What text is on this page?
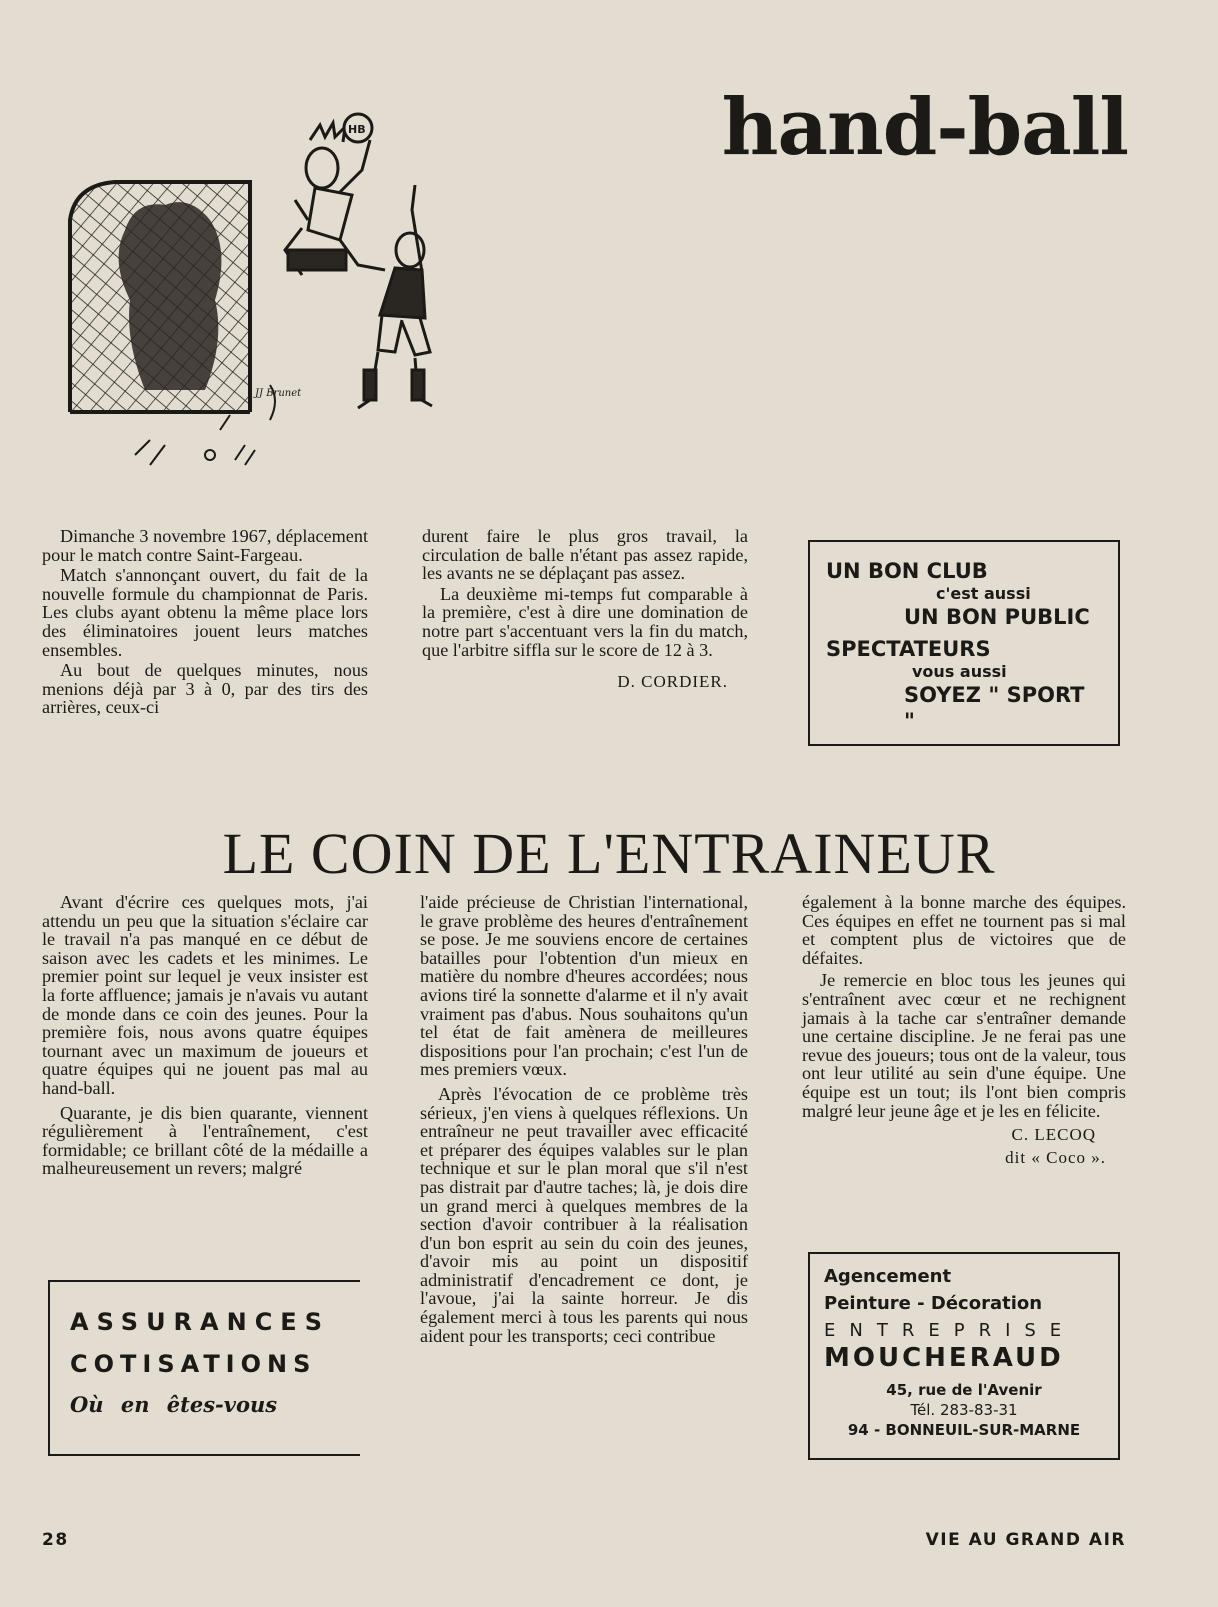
hand-ball
HB
JJ Brunet

Dimanche 3 novembre 1967, déplacement pour le match contre Saint-Fargeau.

Match s'annonçant ouvert, du fait de la nouvelle formule du championnat de Paris. Les clubs ayant obtenu la même place lors des éliminatoires jouent leurs matches ensembles.

Au bout de quelques minutes, nous menions déjà par 3 à 0, par des tirs des arrières, ceux-ci

durent faire le plus gros travail, la circulation de balle n'étant pas assez rapide, les avants ne se déplaçant pas assez.

La deuxième mi-temps fut comparable à la première, c'est à dire une domination de notre part s'accentuant vers la fin du match, que l'arbitre siffla sur le score de 12 à 3.

D. CORDIER.
UN BON CLUB
c'est aussi
UN BON PUBLIC
SPECTATEURS
vous aussi
SOYEZ " SPORT "
LE COIN DE L'ENTRAINEUR

Avant d'écrire ces quelques mots, j'ai attendu un peu que la situation s'éclaire car le travail n'a pas manqué en ce début de saison avec les cadets et les minimes. Le premier point sur lequel je veux insister est la forte affluence; jamais je n'avais vu autant de monde dans ce coin des jeunes. Pour la première fois, nous avons quatre équipes tournant avec un maximum de joueurs et quatre équipes qui ne jouent pas mal au hand-ball.

Quarante, je dis bien quarante, viennent régulièrement à l'entraînement, c'est formidable; ce brillant côté de la médaille a malheureusement un revers; malgré

l'aide précieuse de Christian l'international, le grave problème des heures d'entraînement se pose. Je me souviens encore de certaines batailles pour l'obtention d'un mieux en matière du nombre d'heures accordées; nous avions tiré la sonnette d'alarme et il n'y avait vraiment pas d'abus. Nous souhaitons qu'un tel état de fait amènera de meilleures dispositions pour l'an prochain; c'est l'un de mes premiers vœux.

Après l'évocation de ce problème très sérieux, j'en viens à quelques réflexions. Un entraîneur ne peut travailler avec efficacité et préparer des équipes valables sur le plan technique et sur le plan moral que s'il n'est pas distrait par d'autre taches; là, je dois dire un grand merci à quelques membres de la section d'avoir contribuer à la réalisation d'un bon esprit au sein du coin des jeunes, d'avoir mis au point un dispositif administratif d'encadrement ce dont, je l'avoue, j'ai la sainte horreur. Je dis également merci à tous les parents qui nous aident pour les transports; ceci contribue

également à la bonne marche des équipes. Ces équipes en effet ne tournent pas si mal et comptent plus de victoires que de défaites.

Je remercie en bloc tous les jeunes qui s'entraînent avec cœur et ne rechignent jamais à la tache car s'entraîner demande une certaine discipline. Je ne ferai pas une revue des joueurs; tous ont de la valeur, tous ont leur utilité au sein d'une équipe. Une équipe est un tout; ils l'ont bien compris malgré leur jeune âge et je les en félicite.

C. LECOQ
dit « Coco ».
ASSURANCES
COTISATIONS
Où en êtes-vous
Agencement
Peinture - Décoration
ENTREPRISE
MOUCHERAUD
45, rue de l'Avenir
Tél. 283-83-31
94 - BONNEUIL-SUR-MARNE
28	VIE AU GRAND AIR
